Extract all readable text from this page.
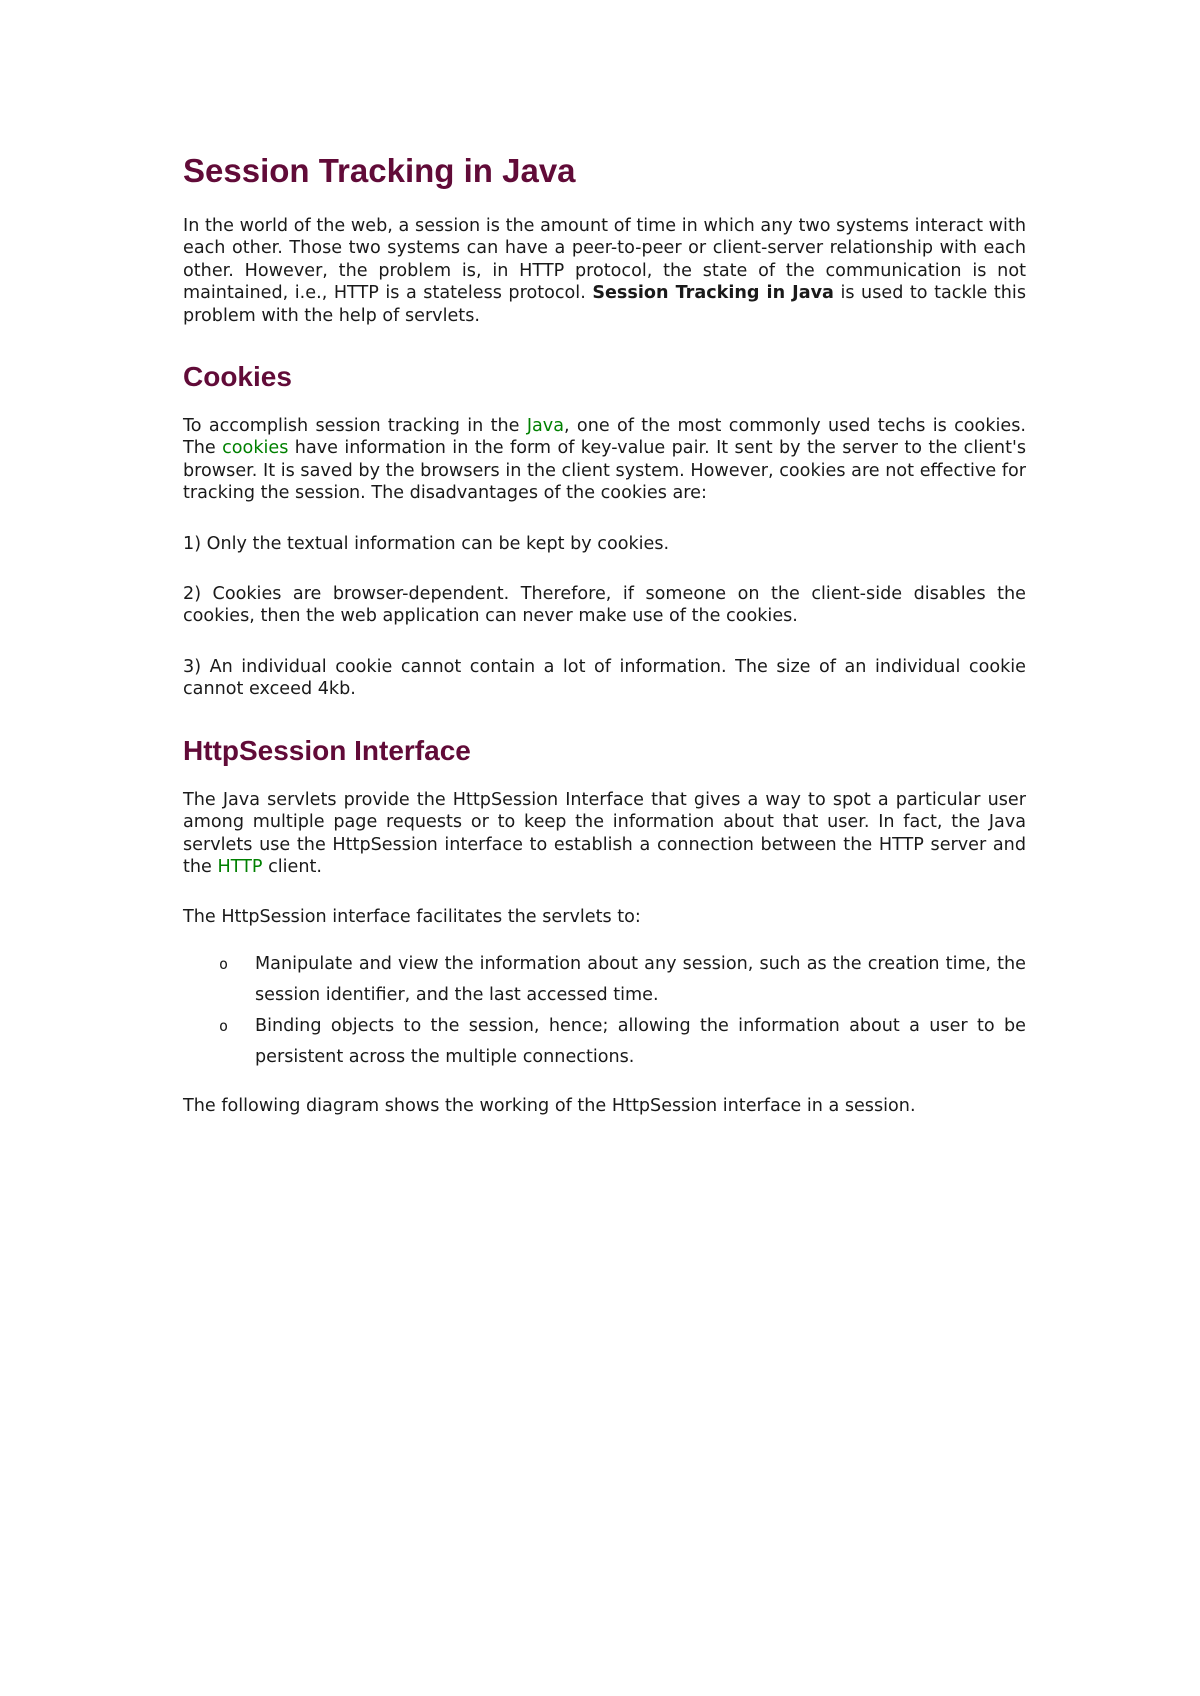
Session Tracking in Java

In the world of the web, a session is the amount of time in which any two systems interact with each other. Those two systems can have a peer-to-peer or client-server relationship with each other. However, the problem is, in HTTP protocol, the state of the communication is not maintained, i.e., HTTP is a stateless protocol. Session Tracking in Java is used to tackle this problem with the help of servlets.

Cookies

To accomplish session tracking in the Java, one of the most commonly used techs is cookies. The cookies have information in the form of key-value pair. It sent by the server to the client's browser. It is saved by the browsers in the client system. However, cookies are not effective for tracking the session. The disadvantages of the cookies are:

1) Only the textual information can be kept by cookies.

2) Cookies are browser-dependent. Therefore, if someone on the client-side disables the cookies, then the web application can never make use of the cookies.

3) An individual cookie cannot contain a lot of information. The size of an individual cookie cannot exceed 4kb.

HttpSession Interface

The Java servlets provide the HttpSession Interface that gives a way to spot a particular user among multiple page requests or to keep the information about that user. In fact, the Java servlets use the HttpSession interface to establish a connection between the HTTP server and the HTTP client.

The HttpSession interface facilitates the servlets to:

o Manipulate and view the information about any session, such as the creation time, the session identifier, and the last accessed time.
o Binding objects to the session, hence; allowing the information about a user to be persistent across the multiple connections.

The following diagram shows the working of the HttpSession interface in a session.
